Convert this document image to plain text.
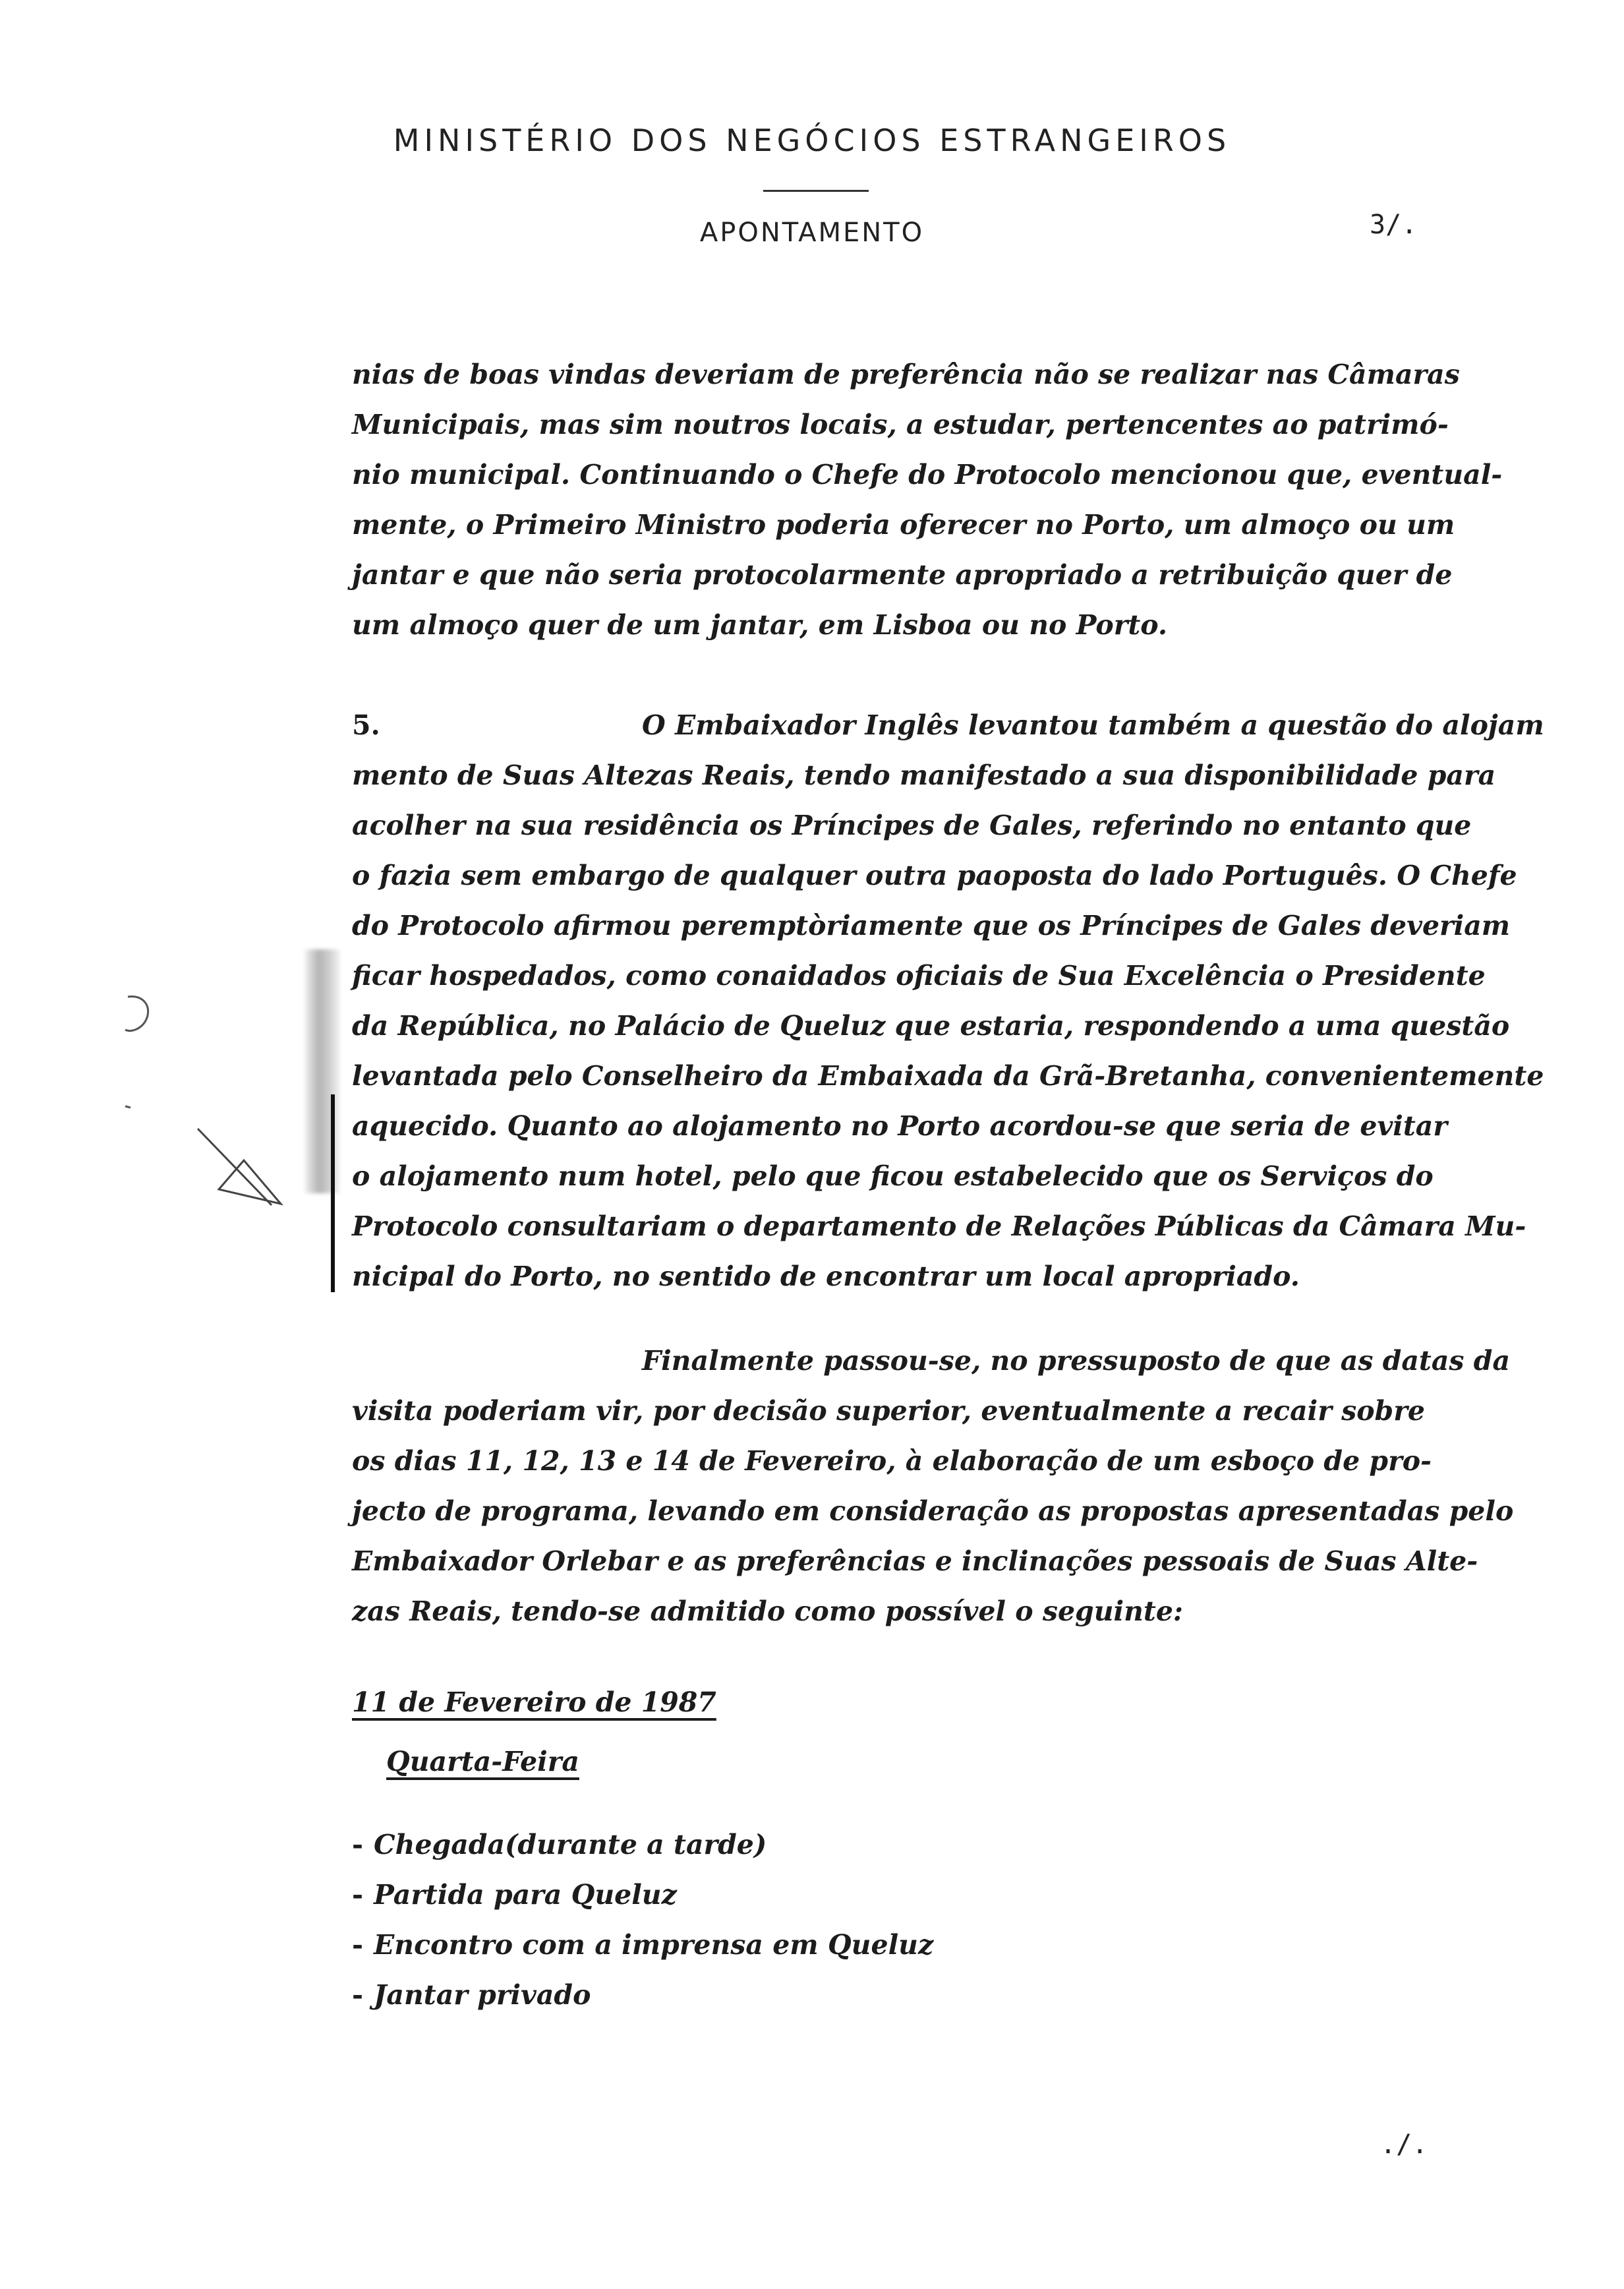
MINISTÉRIO DOS NEGÓCIOS ESTRANGEIROS
APONTAMENTO	3/.
nias de boas vindas deveriam de preferência não se realizar nas Câmaras
Municipais, mas sim noutros locais, a estudar, pertencentes ao patrimó-
nio municipal. Continuando o Chefe do Protocolo mencionou que, eventual-
mente, o Primeiro Ministro poderia oferecer no Porto, um almoço ou um
jantar e que não seria protocolarmente apropriado a retribuição quer de
um almoço quer de um jantar, em Lisboa ou no Porto.
5.	O Embaixador Inglês levantou também a questão do alojam
mento de Suas Altezas Reais, tendo manifestado a sua disponibilidade para
acolher na sua residência os Príncipes de Gales, referindo no entanto que
o fazia sem embargo de qualquer outra paoposta do lado Português. O Chefe
do Protocolo afirmou peremptòriamente que os Príncipes de Gales deveriam
ficar hospedados, como conaidados oficiais de Sua Excelência o Presidente
da República, no Palácio de Queluz que estaria, respondendo a uma questão
levantada pelo Conselheiro da Embaixada da Grã-Bretanha, convenientemente
aquecido. Quanto ao alojamento no Porto acordou-se que seria de evitar
o alojamento num hotel, pelo que ficou estabelecido que os Serviços do
Protocolo consultariam o departamento de Relações Públicas da Câmara Mu-
nicipal do Porto, no sentido de encontrar um local apropriado.
Finalmente passou-se, no pressuposto de que as datas da
visita poderiam vir, por decisão superior, eventualmente a recair sobre
os dias 11, 12, 13 e 14 de Fevereiro, à elaboração de um esboço de pro-
jecto de programa, levando em consideração as propostas apresentadas pelo
Embaixador Orlebar e as preferências e inclinações pessoais de Suas Alte-
zas Reais, tendo-se admitido como possível o seguinte:
11 de Fevereiro de 1987
Quarta-Feira
- Chegada(durante a tarde)
- Partida para Queluz
- Encontro com a imprensa em Queluz
- Jantar privado
./.
